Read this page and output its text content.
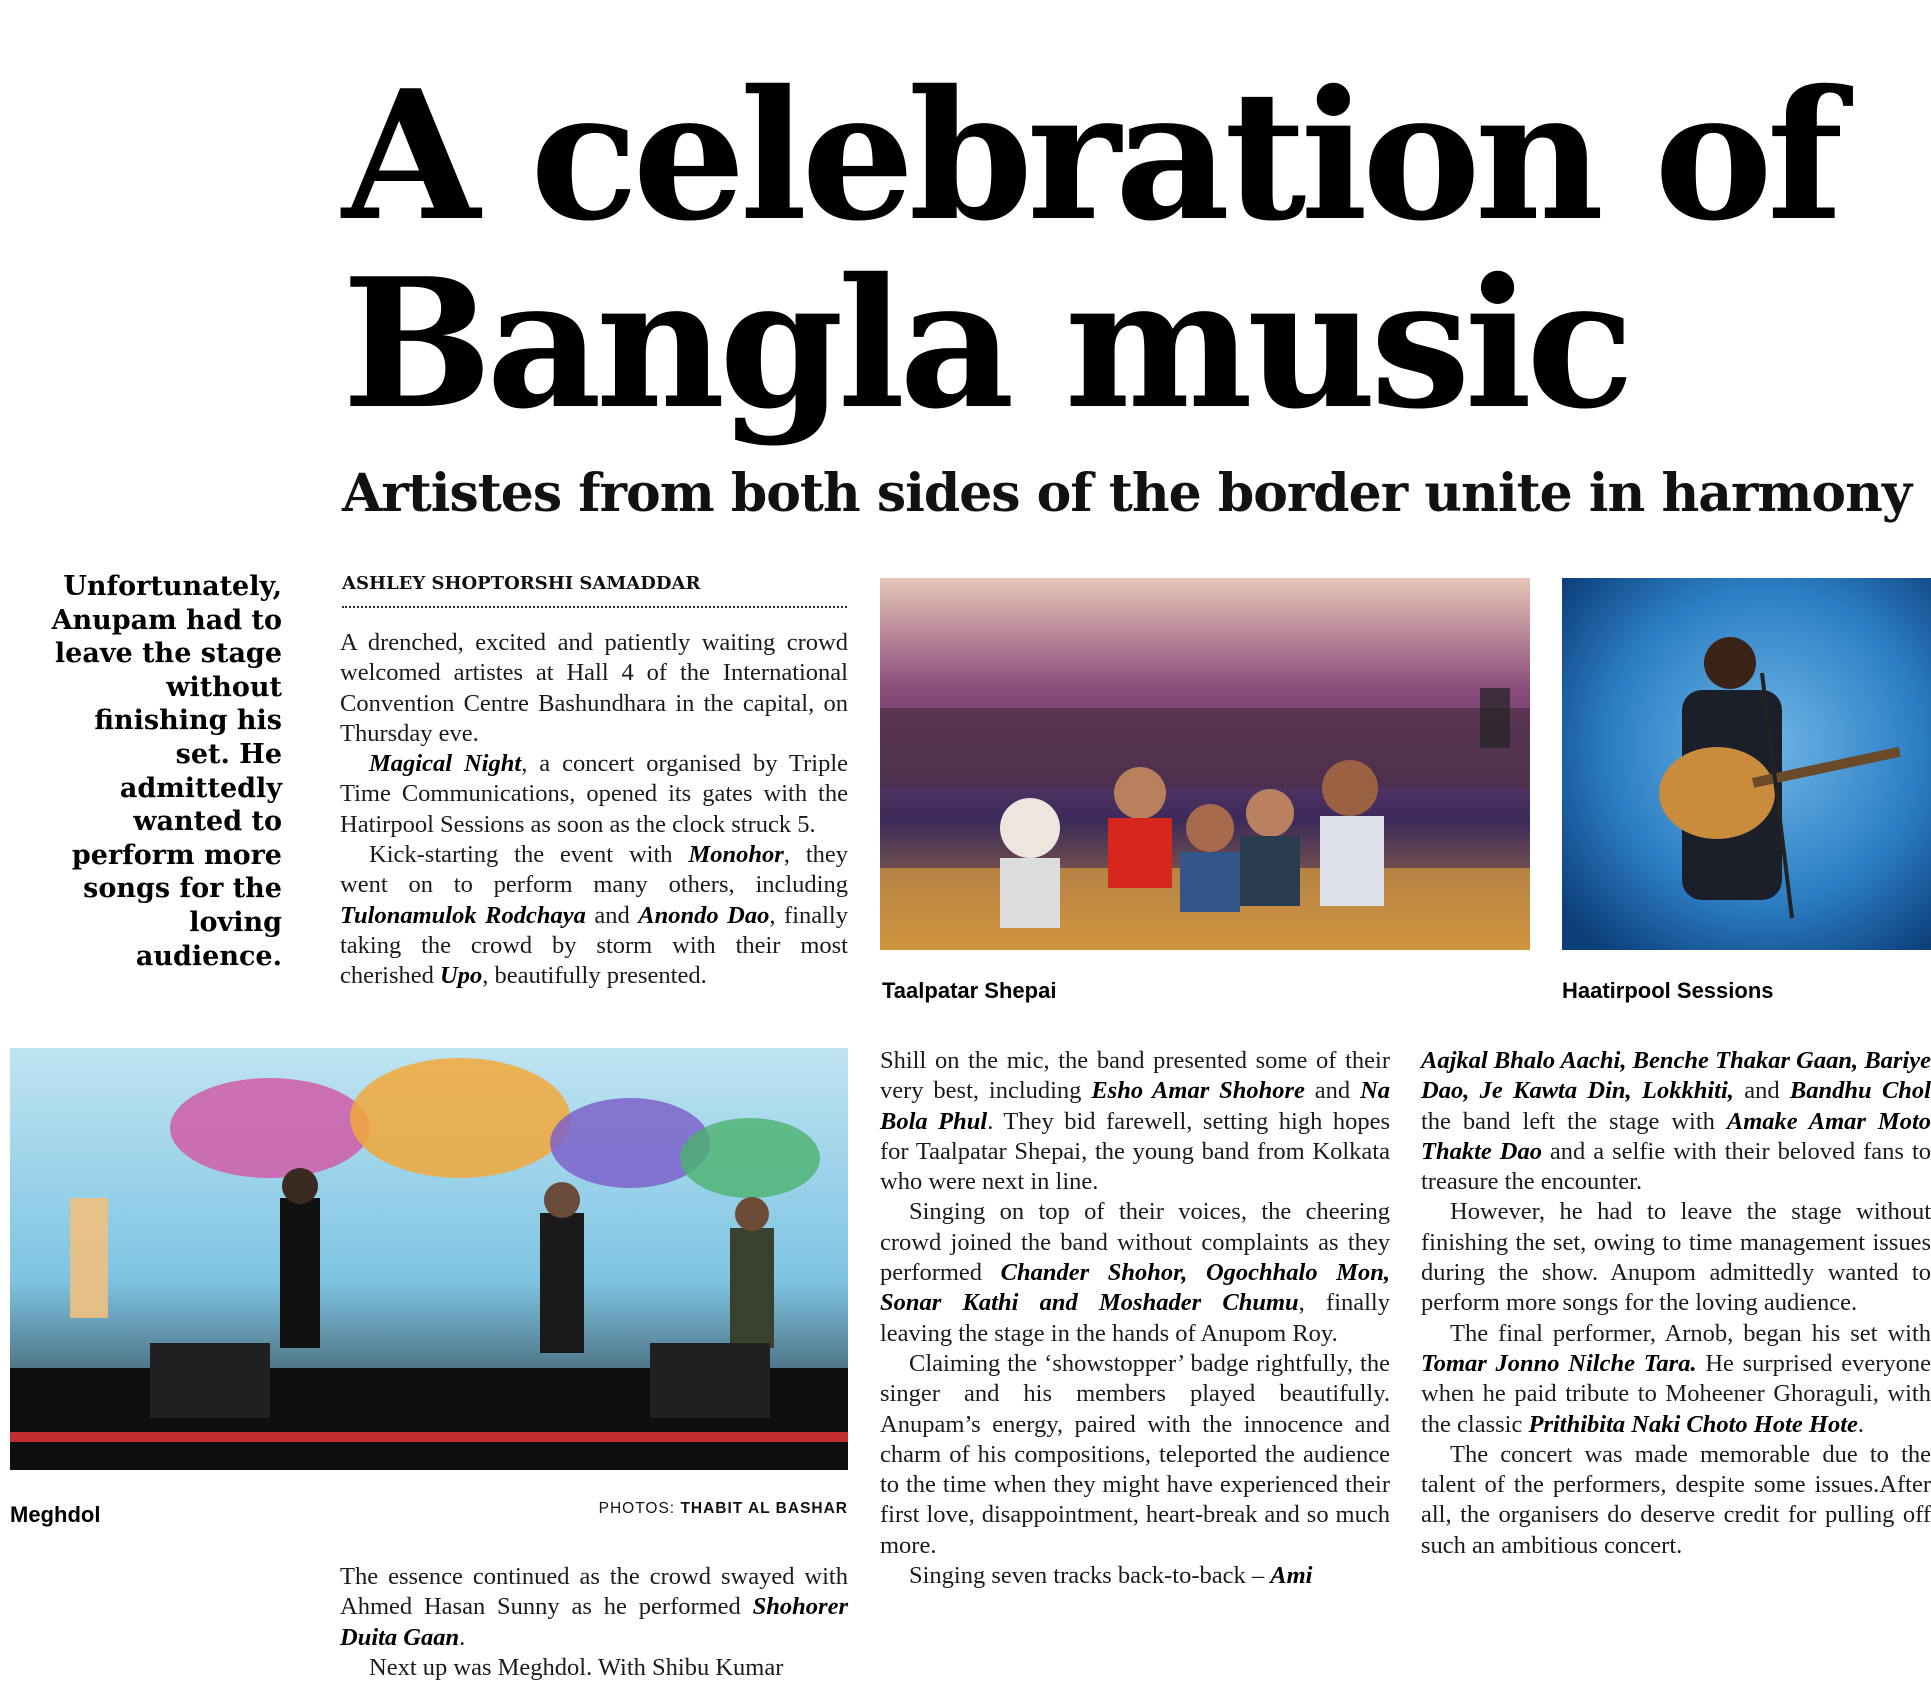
A celebration of
Bangla music
Artistes from both sides of the border unite in harmony
Unfortunately, Anupam had to leave the stage without finishing his set. He admittedly wanted to perform more songs for the loving audience.
ASHLEY SHOPTORSHI SAMADDAR

A drenched, excited and patiently waiting crowd welcomed artistes at Hall 4 of the International Convention Centre Bashundhara in the capital, on Thursday eve.

Magical Night, a concert organised by Triple Time Communications, opened its gates with the Hatirpool Sessions as soon as the clock struck 5.

Kick-starting the event with Monohor, they went on to perform many others, including Tulonamulok Rodchaya and Anondo Dao, finally taking the crowd by storm with their most cherished Upo, beautifully presented.

Taalpatar Shepai	Haatirpool Sessions
Meghdol	PHOTOS: THABIT AL BASHAR

The essence continued as the crowd swayed with Ahmed Hasan Sunny as he performed Shohorer Duita Gaan.

Next up was Meghdol. With Shibu Kumar

Shill on the mic, the band presented some of their very best, including Esho Amar Shohore and Na Bola Phul. They bid farewell, setting high hopes for Taalpatar Shepai, the young band from Kolkata who were next in line.

Singing on top of their voices, the cheering crowd joined the band without complaints as they performed Chander Shohor, Ogochhalo Mon, Sonar Kathi and Moshader Chumu, finally leaving the stage in the hands of Anupom Roy.

Claiming the ‘showstopper’ badge rightfully, the singer and his members played beautifully. Anupam’s energy, paired with the innocence and charm of his compositions, teleported the audience to the time when they might have experienced their first love, disappointment, heart-break and so much more.

Singing seven tracks back-to-back – Ami

Aajkal Bhalo Aachi, Benche Thakar Gaan, Bariye Dao, Je Kawta Din, Lokkhiti, and Bandhu Chol the band left the stage with Amake Amar Moto Thakte Dao and a selfie with their beloved fans to treasure the encounter.

However, he had to leave the stage without finishing the set, owing to time management issues during the show. Anupom admittedly wanted to perform more songs for the loving audience.

The final performer, Arnob, began his set with Tomar Jonno Nilche Tara. He surprised everyone when he paid tribute to Moheener Ghoraguli, with the classic Prithibita Naki Choto Hote Hote.

The concert was made memorable due to the talent of the performers, despite some issues.After all, the organisers do deserve credit for pulling off such an ambitious concert.
